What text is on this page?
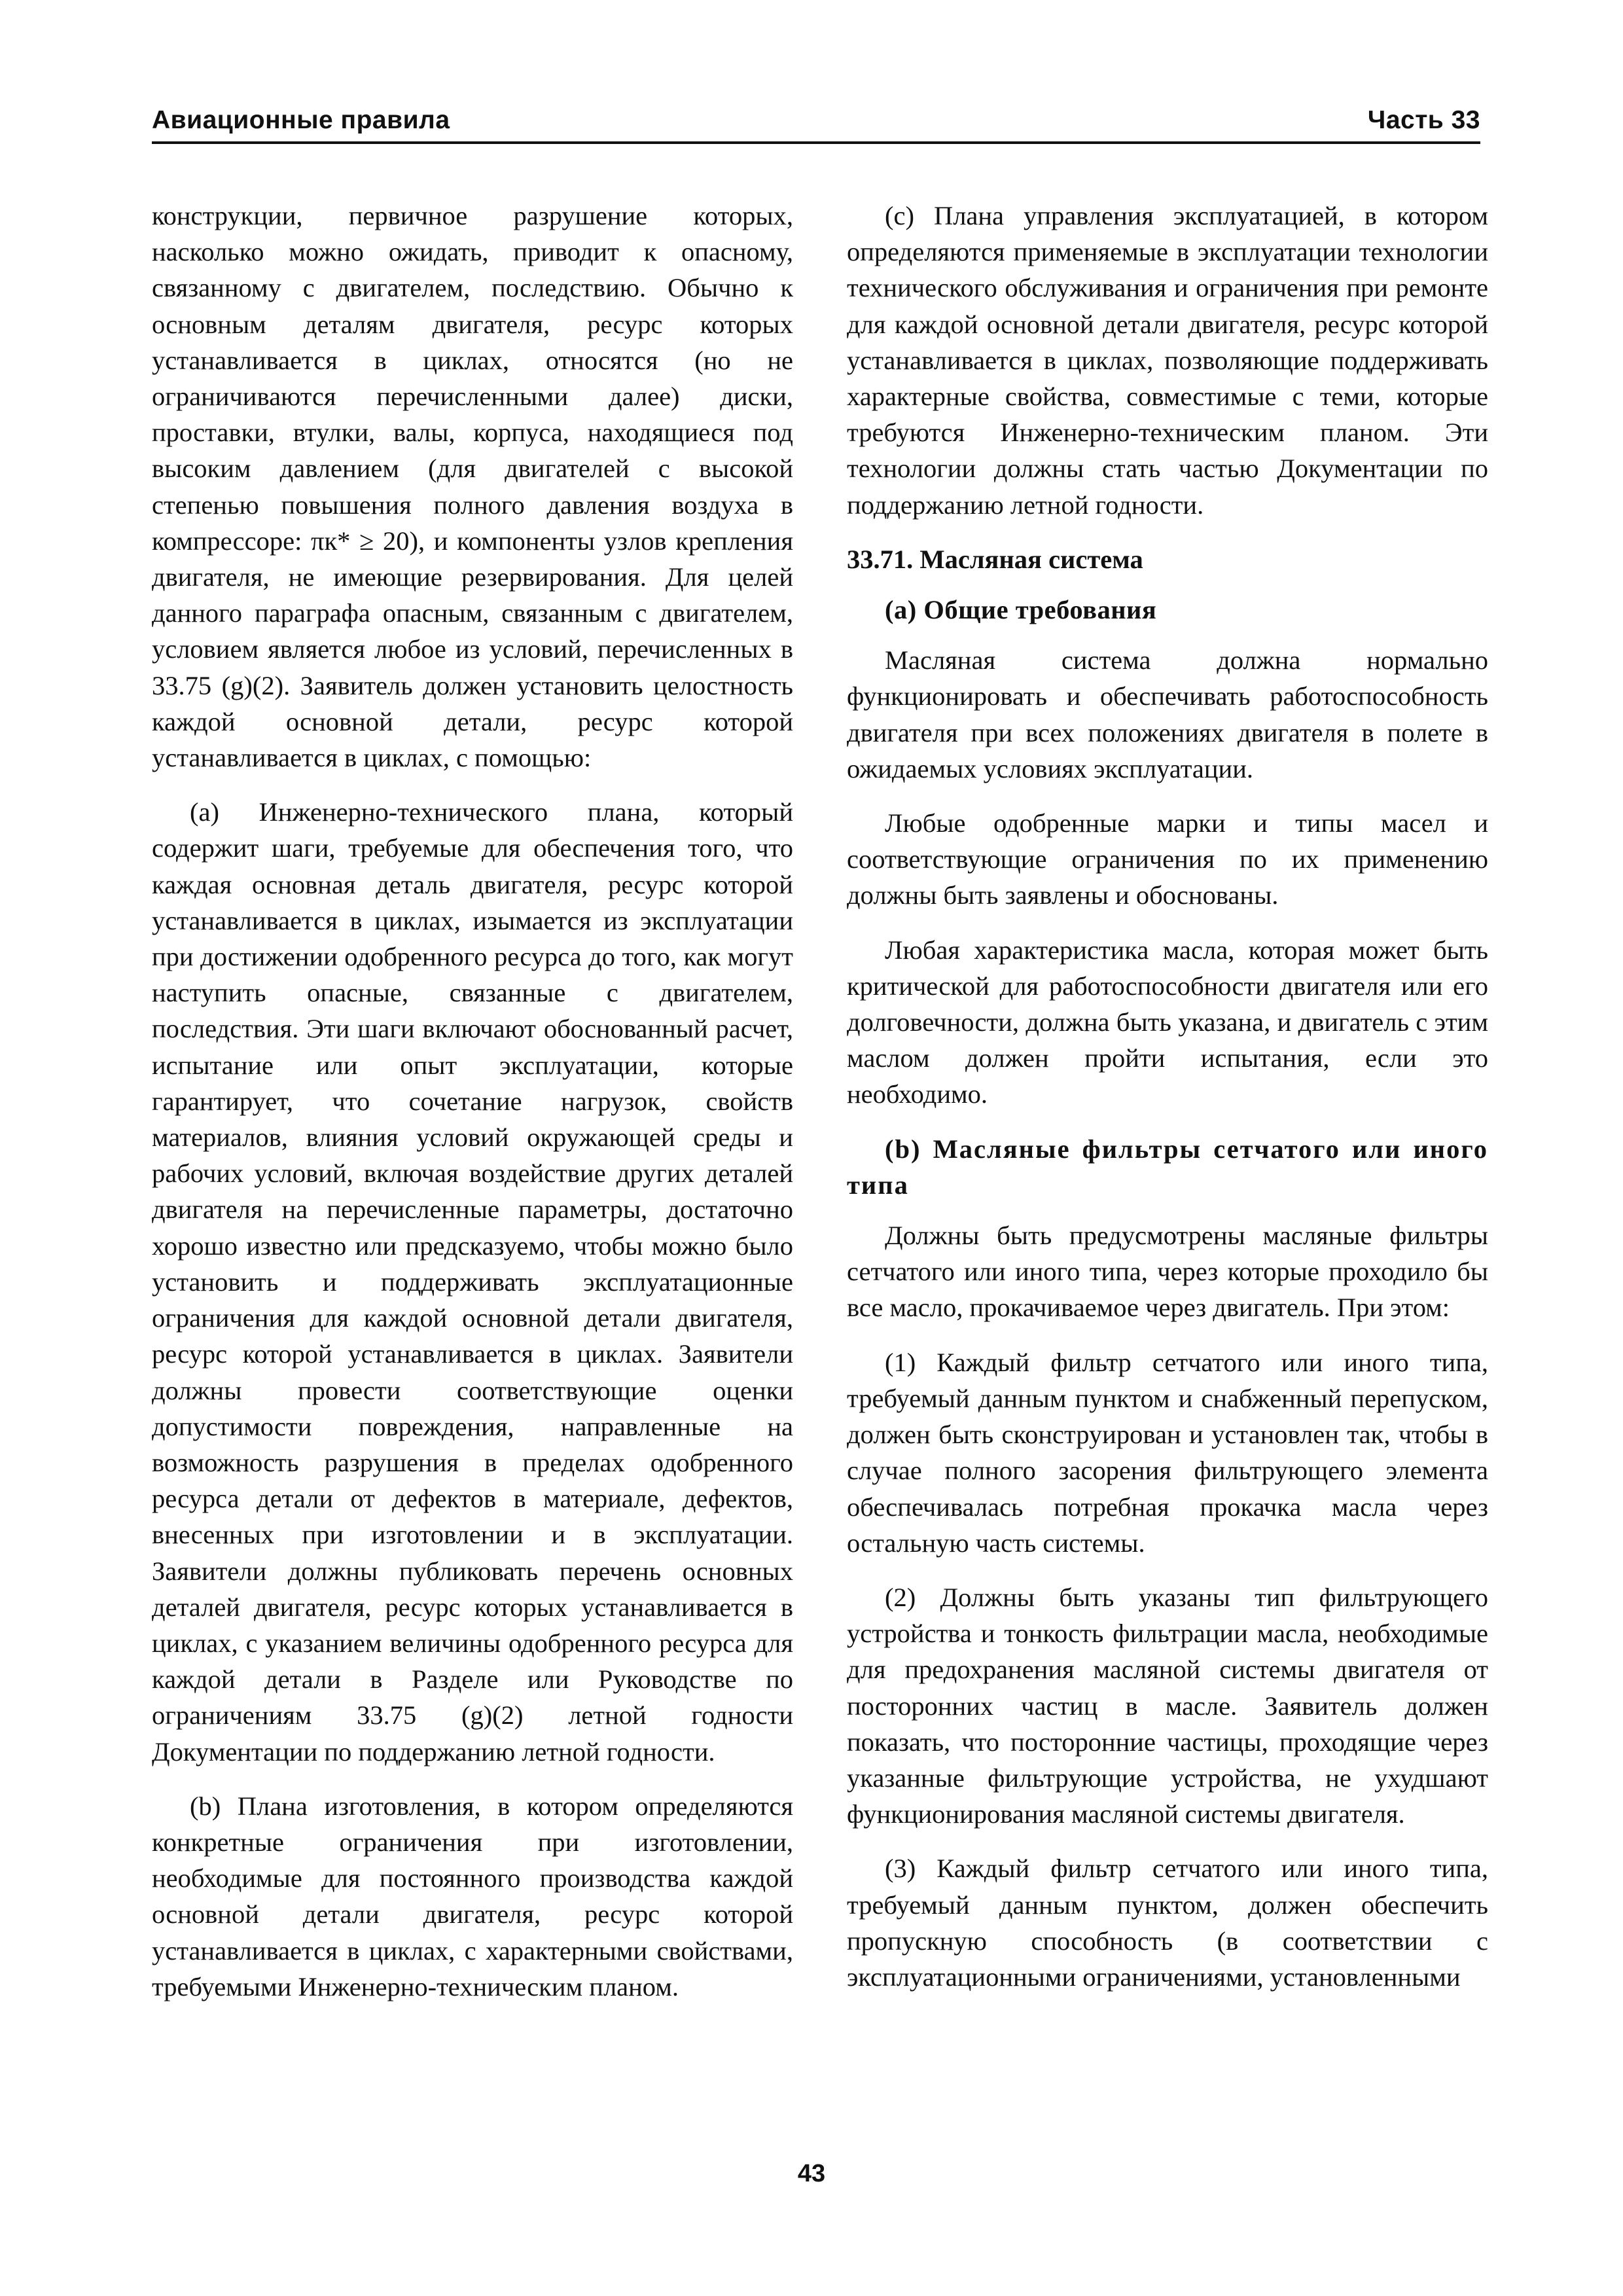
Авиационные правила	Часть 33

конструкции, первичное разрушение которых, насколько можно ожидать, приводит к опасному, связанному с двигателем, последствию. Обычно к основным деталям двигателя, ресурс которых устанавливается в циклах, относятся (но не ограничиваются перечисленными далее) диски, проставки, втулки, валы, корпуса, находящиеся под высоким давлением (для двигателей с высокой степенью повышения полного давления воздуха в компрессоре: πк* ≥ 20), и компоненты узлов крепления двигателя, не имеющие резервирования. Для целей данного параграфа опасным, связанным с двигателем, условием является любое из условий, перечисленных в 33.75 (g)(2). Заявитель должен установить целостность каждой основной детали, ресурс которой устанавливается в циклах, с помощью:

(а) Инженерно-технического плана, который содержит шаги, требуемые для обеспечения того, что каждая основная деталь двигателя, ресурс которой устанавливается в циклах, изымается из эксплуатации при достижении одобренного ресурса до того, как могут наступить опасные, связанные с двигателем, последствия. Эти шаги включают обоснованный расчет, испытание или опыт эксплуатации, которые гарантирует, что сочетание нагрузок, свойств материалов, влияния условий окружающей среды и рабочих условий, включая воздействие других деталей двигателя на перечисленные параметры, достаточно хорошо известно или предсказуемо, чтобы можно было установить и поддерживать эксплуатационные ограничения для каждой основной детали двигателя, ресурс которой устанавливается в циклах. Заявители должны провести соответствующие оценки допустимости повреждения, направленные на возможность разрушения в пределах одобренного ресурса детали от дефектов в материале, дефектов, внесенных при изготовлении и в эксплуатации. Заявители должны публиковать перечень основных деталей двигателя, ресурс которых устанавливается в циклах, с указанием величины одобренного ресурса для каждой детали в Разделе или Руководстве по ограничениям 33.75 (g)(2) летной годности Документации по поддержанию летной годности.

(b) Плана изготовления, в котором определяются конкретные ограничения при изготовлении, необходимые для постоянного производства каждой основной детали двигателя, ресурс которой устанавливается в циклах, с характерными свойствами, требуемыми Инженерно-техническим планом.

(c) Плана управления эксплуатацией, в котором определяются применяемые в эксплуатации технологии технического обслуживания и ограничения при ремонте для каждой основной детали двигателя, ресурс которой устанавливается в циклах, позволяющие поддерживать характерные свойства, совместимые с теми, которые требуются Инженерно-техническим планом. Эти технологии должны стать частью Документации по поддержанию летной годности.

33.71. Масляная система
(а) Общие требования

Масляная система должна нормально функционировать и обеспечивать работоспособность двигателя при всех положениях двигателя в полете в ожидаемых условиях эксплуатации.

Любые одобренные марки и типы масел и соответствующие ограничения по их применению должны быть заявлены и обоснованы.

Любая характеристика масла, которая может быть критической для работоспособности двигателя или его долговечности, должна быть указана, и двигатель с этим маслом должен пройти испытания, если это необходимо.

(b) Масляные фильтры сетчатого или иного типа

Должны быть предусмотрены масляные фильтры сетчатого или иного типа, через которые проходило бы все масло, прокачиваемое через двигатель. При этом:

(1) Каждый фильтр сетчатого или иного типа, требуемый данным пунктом и снабженный перепуском, должен быть сконструирован и установлен так, чтобы в случае полного засорения фильтрующего элемента обеспечивалась потребная прокачка масла через остальную часть системы.

(2) Должны быть указаны тип фильтрующего устройства и тонкость фильтрации масла, необходимые для предохранения масляной системы двигателя от посторонних частиц в масле. Заявитель должен показать, что посторонние частицы, проходящие через указанные фильтрующие устройства, не ухудшают функционирования масляной системы двигателя.

(3) Каждый фильтр сетчатого или иного типа, требуемый данным пунктом, должен обеспечить пропускную способность (в соответствии с эксплуатационными ограничениями, установленными

43
